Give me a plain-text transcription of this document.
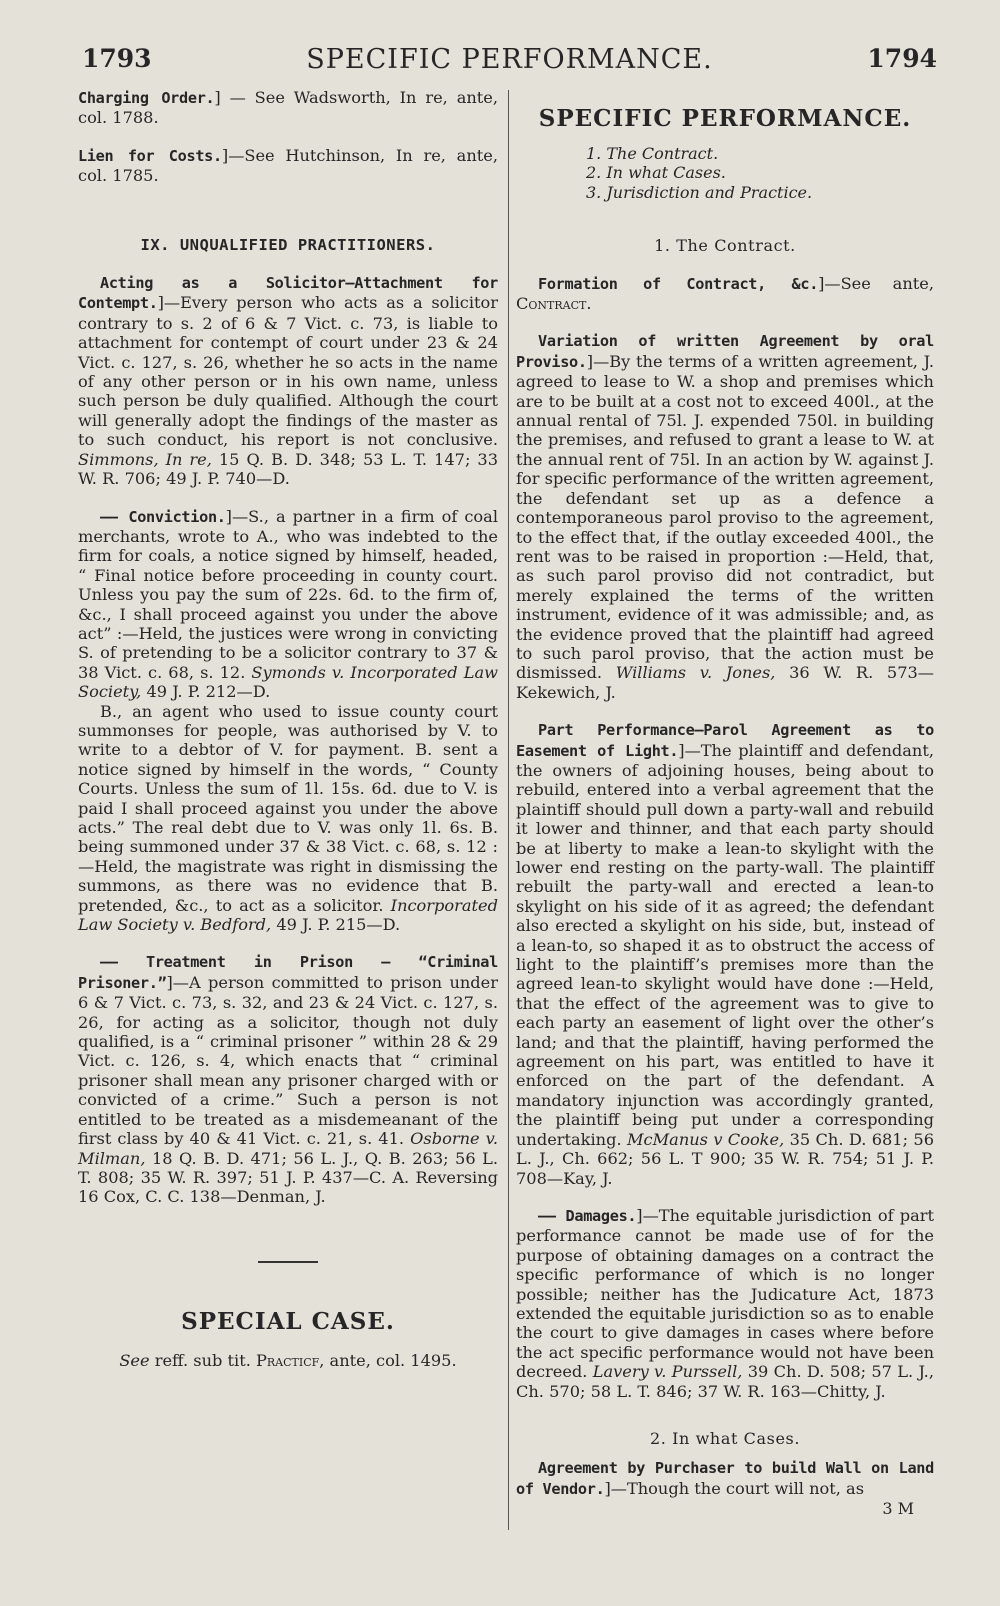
1793	SPECIFIC PERFORMANCE.	1794

Charging Order.] — See Wadsworth, In re, ante, col. 1788.

Lien for Costs.]—See Hutchinson, In re, ante, col. 1785.

IX. UNQUALIFIED PRACTITIONERS.

Acting as a Solicitor—Attachment for Contempt.]—Every person who acts as a solicitor contrary to s. 2 of 6 & 7 Vict. c. 73, is liable to attachment for contempt of court under 23 & 24 Vict. c. 127, s. 26, whether he so acts in the name of any other person or in his own name, unless such person be duly qualified. Although the court will generally adopt the findings of the master as to such conduct, his report is not conclusive. Simmons, In re, 15 Q. B. D. 348; 53 L. T. 147; 33 W. R. 706; 49 J. P. 740—D.

—— Conviction.]—S., a partner in a firm of coal merchants, wrote to A., who was indebted to the firm for coals, a notice signed by himself, headed, “ Final notice before proceeding in county court. Unless you pay the sum of 22s. 6d. to the firm of, &c., I shall proceed against you under the above act” :—Held, the justices were wrong in convicting S. of pretending to be a solicitor contrary to 37 & 38 Vict. c. 68, s. 12. Symonds v. Incorporated Law Society, 49 J. P. 212—D.

B., an agent who used to issue county court summonses for people, was authorised by V. to write to a debtor of V. for payment. B. sent a notice signed by himself in the words, “ County Courts. Unless the sum of 1l. 15s. 6d. due to V. is paid I shall proceed against you under the above acts.” The real debt due to V. was only 1l. 6s. B. being summoned under 37 & 38 Vict. c. 68, s. 12 :—Held, the magistrate was right in dismissing the summons, as there was no evidence that B. pretended, &c., to act as a solicitor. Incorporated Law Society v. Bedford, 49 J. P. 215—D.

—— Treatment in Prison — “Criminal Prisoner.”]—A person committed to prison under 6 & 7 Vict. c. 73, s. 32, and 23 & 24 Vict. c. 127, s. 26, for acting as a solicitor, though not duly qualified, is a “ criminal prisoner ” within 28 & 29 Vict. c. 126, s. 4, which enacts that “ criminal prisoner shall mean any prisoner charged with or convicted of a crime.” Such a person is not entitled to be treated as a misdemeanant of the first class by 40 & 41 Vict. c. 21, s. 41. Osborne v. Milman, 18 Q. B. D. 471; 56 L. J., Q. B. 263; 56 L. T. 808; 35 W. R. 397; 51 J. P. 437—C. A. Reversing 16 Cox, C. C. 138—Denman, J.

SPECIAL CASE.

See reff. sub tit. Practicf, ante, col. 1495.

SPECIFIC PERFORMANCE.

1. The Contract.
2. In what Cases.
3. Jurisdiction and Practice.

1. The Contract.

Formation of Contract, &c.]—See ante, Contract.

Variation of written Agreement by oral Proviso.]—By the terms of a written agreement, J. agreed to lease to W. a shop and premises which are to be built at a cost not to exceed 400l., at the annual rental of 75l. J. expended 750l. in building the premises, and refused to grant a lease to W. at the annual rent of 75l. In an action by W. against J. for specific performance of the written agreement, the defendant set up as a defence a contemporaneous parol proviso to the agreement, to the effect that, if the outlay exceeded 400l., the rent was to be raised in proportion :—Held, that, as such parol proviso did not contradict, but merely explained the terms of the written instrument, evidence of it was admissible; and, as the evidence proved that the plaintiff had agreed to such parol proviso, that the action must be dismissed. Williams v. Jones, 36 W. R. 573—Kekewich, J.

Part Performance—Parol Agreement as to Easement of Light.]—The plaintiff and defendant, the owners of adjoining houses, being about to rebuild, entered into a verbal agreement that the plaintiff should pull down a party-wall and rebuild it lower and thinner, and that each party should be at liberty to make a lean-to skylight with the lower end resting on the party-wall. The plaintiff rebuilt the party-wall and erected a lean-to skylight on his side of it as agreed; the defendant also erected a skylight on his side, but, instead of a lean-to, so shaped it as to obstruct the access of light to the plaintiff’s premises more than the agreed lean-to skylight would have done :—Held, that the effect of the agreement was to give to each party an easement of light over the other’s land; and that the plaintiff, having performed the agreement on his part, was entitled to have it enforced on the part of the defendant. A mandatory injunction was accordingly granted, the plaintiff being put under a corresponding undertaking. McManus v Cooke, 35 Ch. D. 681; 56 L. J., Ch. 662; 56 L. T 900; 35 W. R. 754; 51 J. P. 708—Kay, J.

—— Damages.]—The equitable jurisdiction of part performance cannot be made use of for the purpose of obtaining damages on a contract the specific performance of which is no longer possible; neither has the Judicature Act, 1873 extended the equitable jurisdiction so as to enable the court to give damages in cases where before the act specific performance would not have been decreed. Lavery v. Purssell, 39 Ch. D. 508; 57 L. J., Ch. 570; 58 L. T. 846; 37 W. R. 163—Chitty, J.

2. In what Cases.

Agreement by Purchaser to build Wall on Land of Vendor.]—Though the court will not, as

3 M
